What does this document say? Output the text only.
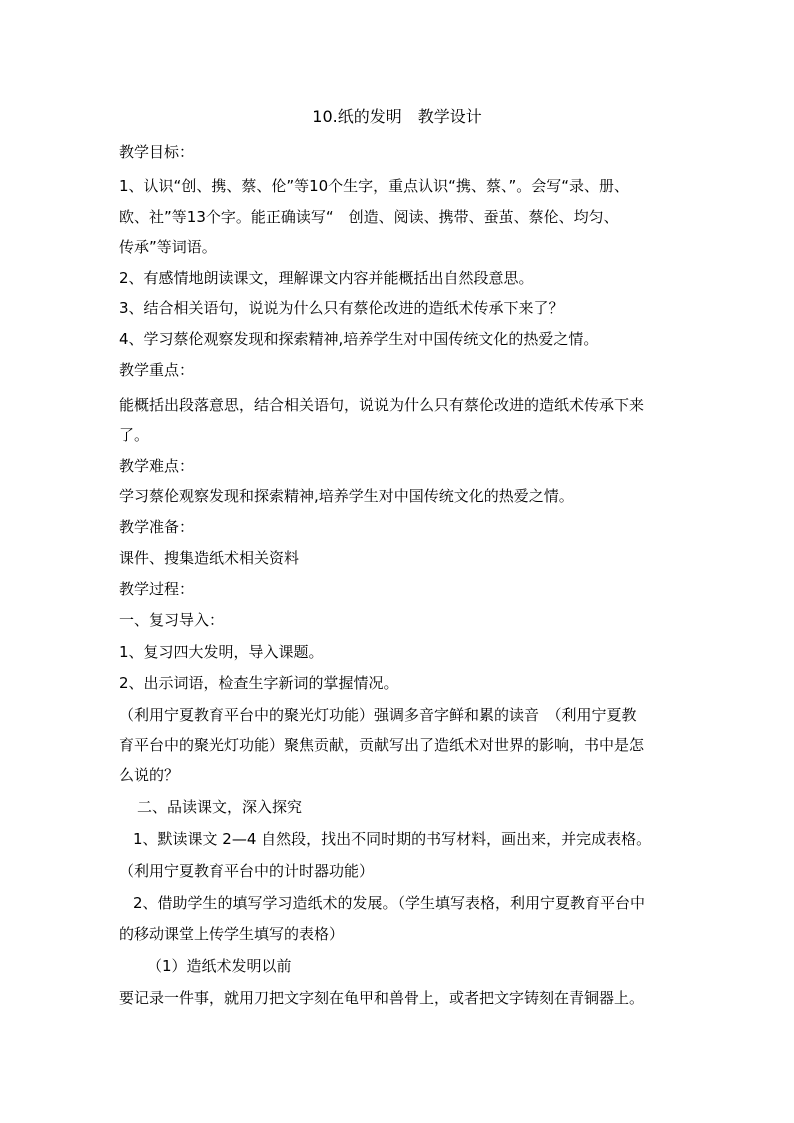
10.纸的发明　教学设计
教学目标：
1、认识“创、携、蔡、伦”等10个生字，重点认识“携、蔡、”。会写“录、册、
欧、社”等13个字。能正确读写“　创造、阅读、携带、蚕茧、蔡伦、均匀、
传承”等词语。
2、有感情地朗读课文，理解课文内容并能概括出自然段意思。
3、结合相关语句，说说为什么只有蔡伦改进的造纸术传承下来了？
4、学习蔡伦观察发现和探索精神,培养学生对中国传统文化的热爱之情。
教学重点：
能概括出段落意思，结合相关语句，说说为什么只有蔡伦改进的造纸术传承下来
了。
教学难点：
学习蔡伦观察发现和探索精神,培养学生对中国传统文化的热爱之情。
教学准备：
课件、搜集造纸术相关资料
教学过程：
一、复习导入：
1、复习四大发明，导入课题。
2、出示词语，检查生字新词的掌握情况。
（利用宁夏教育平台中的聚光灯功能）强调多音字鲜和累的读音　（利用宁夏教
育平台中的聚光灯功能）聚焦贡献，贡献写出了造纸术对世界的影响，书中是怎
么说的？
二、品读课文，深入探究
1、默读课文 2—4 自然段，找出不同时期的书写材料，画出来，并完成表格。
（利用宁夏教育平台中的计时器功能）
2、借助学生的填写学习造纸术的发展。（学生填写表格，利用宁夏教育平台中
的移动课堂上传学生填写的表格）
（1）造纸术发明以前
要记录一件事，就用刀把文字刻在龟甲和兽骨上，或者把文字铸刻在青铜器上。
